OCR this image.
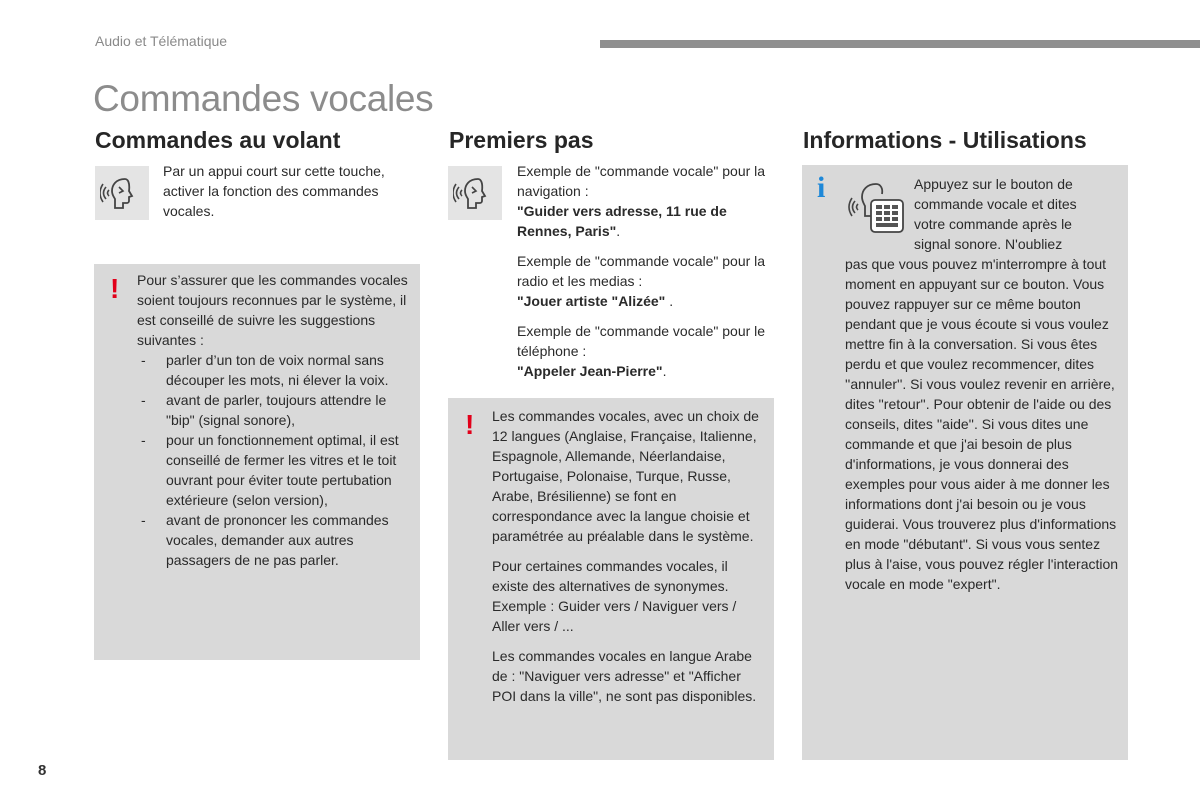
Audio et Télématique
Commandes vocales
Commandes au volant
Par un appui court sur cette touche, activer la fonction des commandes vocales.
! Pour s’assurer que les commandes vocales soient toujours reconnues par le système, il est conseillé de suivre les suggestions suivantes :

- parler d’un ton de voix normal sans découper les mots, ni élever la voix.
- avant de parler, toujours attendre le "bip" (signal sonore),
- pour un fonctionnement optimal, il est conseillé de fermer les vitres et le toit ouvrant pour éviter toute pertubation extérieure (selon version),
- avant de prononcer les commandes vocales, demander aux autres passagers de ne pas parler.
Premiers pas

Exemple de "commande vocale" pour la navigation :
"Guider vers adresse, 11 rue de Rennes, Paris".

Exemple de "commande vocale" pour la radio et les medias :
"Jouer artiste "Alizée" .

Exemple de "commande vocale" pour le téléphone :
"Appeler Jean-Pierre".

! Les commandes vocales, avec un choix de 12 langues (Anglaise, Française, Italienne, Espagnole, Allemande, Néerlandaise, Portugaise, Polonaise, Turque, Russe, Arabe, Brésilienne) se font en correspondance avec la langue choisie et paramétrée au préalable dans le système.

Pour certaines commandes vocales, il existe des alternatives de synonymes. Exemple : Guider vers / Naviguer vers / Aller vers / ...

Les commandes vocales en langue Arabe de : "Naviguer vers adresse" et "Afficher POI dans la ville", ne sont pas disponibles.

Informations - Utilisations
i	Appuyez sur le bouton de
commande vocale et dites
votre commande après le
signal sonore. N'oubliez
pas que vous pouvez m'interrompre à tout moment en appuyant sur ce bouton. Vous pouvez rappuyer sur ce même bouton pendant que je vous écoute si vous voulez mettre fin à la conversation. Si vous êtes perdu et que voulez recommencer, dites ''annuler''. Si vous voulez revenir en arrière, dites ''retour''. Pour obtenir de l'aide ou des conseils, dites ''aide''. Si vous dites une commande et que j'ai besoin de plus d'informations, je vous donnerai des exemples pour vous aider à me donner les informations dont j'ai besoin ou je vous guiderai. Vous trouverez plus d'informations en mode "débutant". Si vous vous sentez plus à l'aise, vous pouvez régler l'interaction vocale en mode "expert".
8
